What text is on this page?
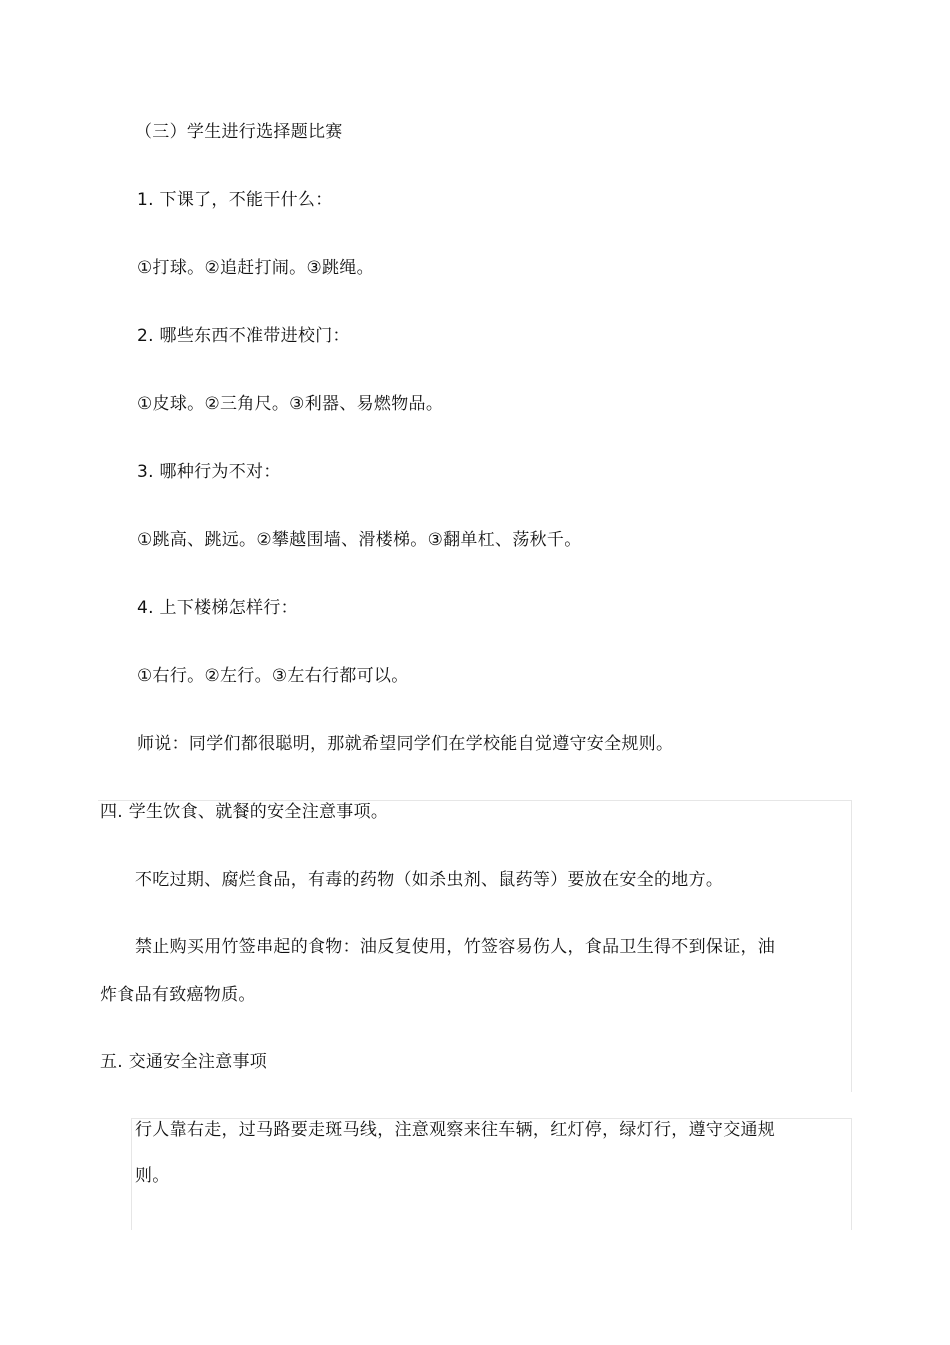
（三）学生进行选择题比赛
1. 下课了，不能干什么：
①打球。②追赶打闹。③跳绳。
2. 哪些东西不准带进校门：
①皮球。②三角尺。③利器、易燃物品。
3. 哪种行为不对：
①跳高、跳远。②攀越围墙、滑楼梯。③翻单杠、荡秋千。
4. 上下楼梯怎样行：
①右行。②左行。③左右行都可以。
师说：同学们都很聪明，那就希望同学们在学校能自觉遵守安全规则。
四. 学生饮食、就餐的安全注意事项。
不吃过期、腐烂食品，有毒的药物（如杀虫剂、鼠药等）要放在安全的地方。
禁止购买用竹签串起的食物：油反复使用，竹签容易伤人，食品卫生得不到保证，油
炸食品有致癌物质。
五. 交通安全注意事项
行人靠右走，过马路要走斑马线，注意观察来往车辆，红灯停，绿灯行，遵守交通规
则。
